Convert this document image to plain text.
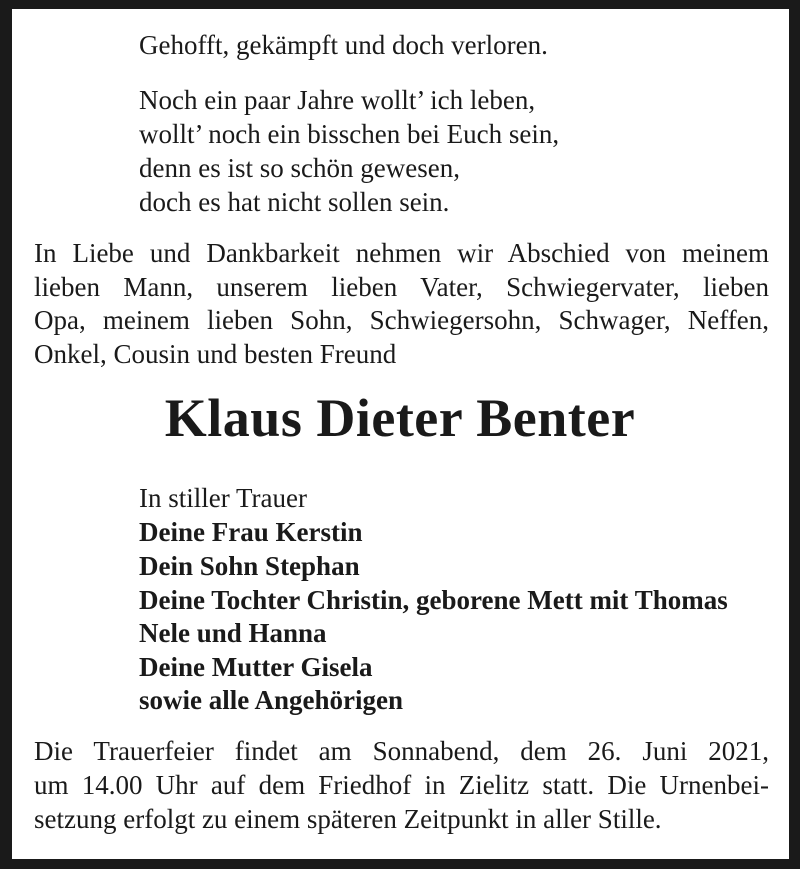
Gehofft, gekämpft und doch verloren.
Noch ein paar Jahre wollt’ ich leben,
wollt’ noch ein bisschen bei Euch sein,
denn es ist so schön gewesen,
doch es hat nicht sollen sein.
In Liebe und Dankbarkeit nehmen wir Abschied von meinem
lieben Mann, unserem lieben Vater, Schwiegervater, lieben
Opa, meinem lieben Sohn, Schwiegersohn, Schwager, Neffen,
Onkel, Cousin und besten Freund
Klaus Dieter Benter
In stiller Trauer
Deine Frau Kerstin
Dein Sohn Stephan
Deine Tochter Christin, geborene Mett mit Thomas
Nele und Hanna
Deine Mutter Gisela
sowie alle Angehörigen
Die Trauerfeier findet am Sonnabend, dem 26. Juni 2021,
um 14.00 Uhr auf dem Friedhof in Zielitz statt. Die Urnenbei-
setzung erfolgt zu einem späteren Zeitpunkt in aller Stille.
